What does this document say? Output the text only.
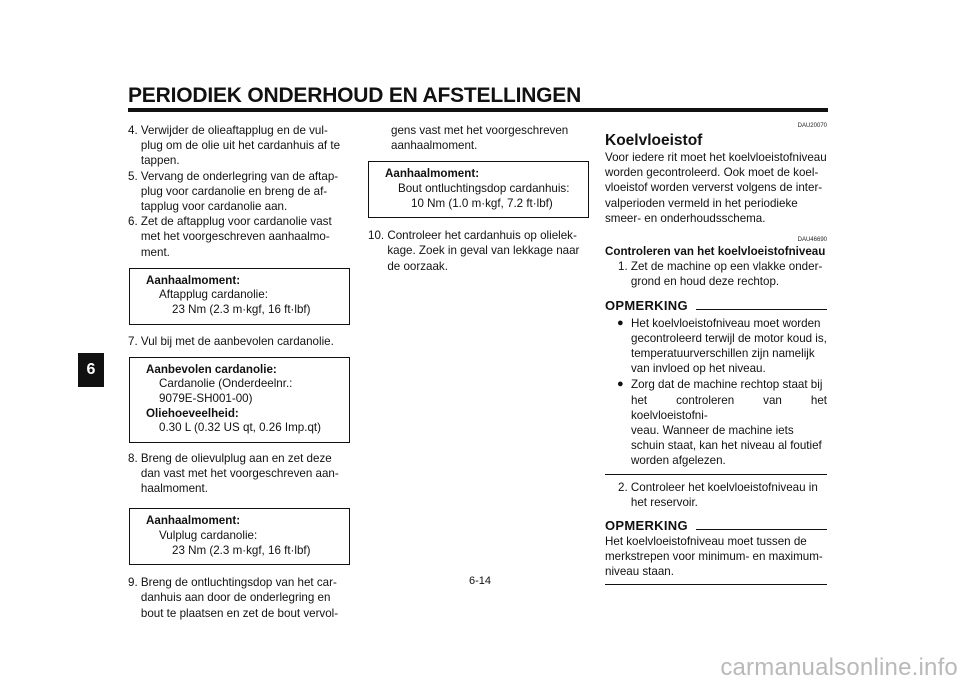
PERIODIEK ONDERHOUD EN AFSTELLINGEN
6
4. Verwijder de olieaftapplug en de vul-
plug om de olie uit het cardanhuis af te
tappen.
5. Vervang de onderlegring van de aftap-
plug voor cardanolie en breng de af-
tapplug voor cardanolie aan.
6. Zet de aftapplug voor cardanolie vast
met het voorgeschreven aanhaalmo-
ment.
Aanhaalmoment:
Aftapplug cardanolie:
23 Nm (2.3 m·kgf, 16 ft·lbf)
7. Vul bij met de aanbevolen cardanolie.
Aanbevolen cardanolie:
Cardanolie (Onderdeelnr.:
9079E-SH001-00)
Oliehoeveelheid:
0.30 L (0.32 US qt, 0.26 Imp.qt)
8. Breng de olievulplug aan en zet deze
dan vast met het voorgeschreven aan-
haalmoment.
Aanhaalmoment:
Vulplug cardanolie:
23 Nm (2.3 m·kgf, 16 ft·lbf)
9. Breng de ontluchtingsdop van het car-
danhuis aan door de onderlegring en
bout te plaatsen en zet de bout vervol-
gens vast met het voorgeschreven
aanhaalmoment.
Aanhaalmoment:
Bout ontluchtingsdop cardanhuis:
10 Nm (1.0 m·kgf, 7.2 ft·lbf)
10. Controleer het cardanhuis op olielek-
kage. Zoek in geval van lekkage naar
de oorzaak.
DAU20070
Koelvloeistof
Voor iedere rit moet het koelvloeistofniveau
worden gecontroleerd. Ook moet de koel-
vloeistof worden ververst volgens de inter-
valperioden vermeld in het periodieke
smeer- en onderhoudsschema.
DAU46690
Controleren van het koelvloeistofniveau
1. Zet de machine op een vlakke onder-
grond en houd deze rechtop.
OPMERKING
● Het koelvloeistofniveau moet worden
gecontroleerd terwijl de motor koud is,
temperatuurverschillen zijn namelijk
van invloed op het niveau.
● Zorg dat de machine rechtop staat bij
het controleren van het koelvloeistofni-
veau. Wanneer de machine iets
schuin staat, kan het niveau al foutief
worden afgelezen.
2. Controleer het koelvloeistofniveau in
het reservoir.
OPMERKING
Het koelvloeistofniveau moet tussen de
merkstrepen voor minimum- en maximum-
niveau staan.
6-14
carmanualsonline.info
